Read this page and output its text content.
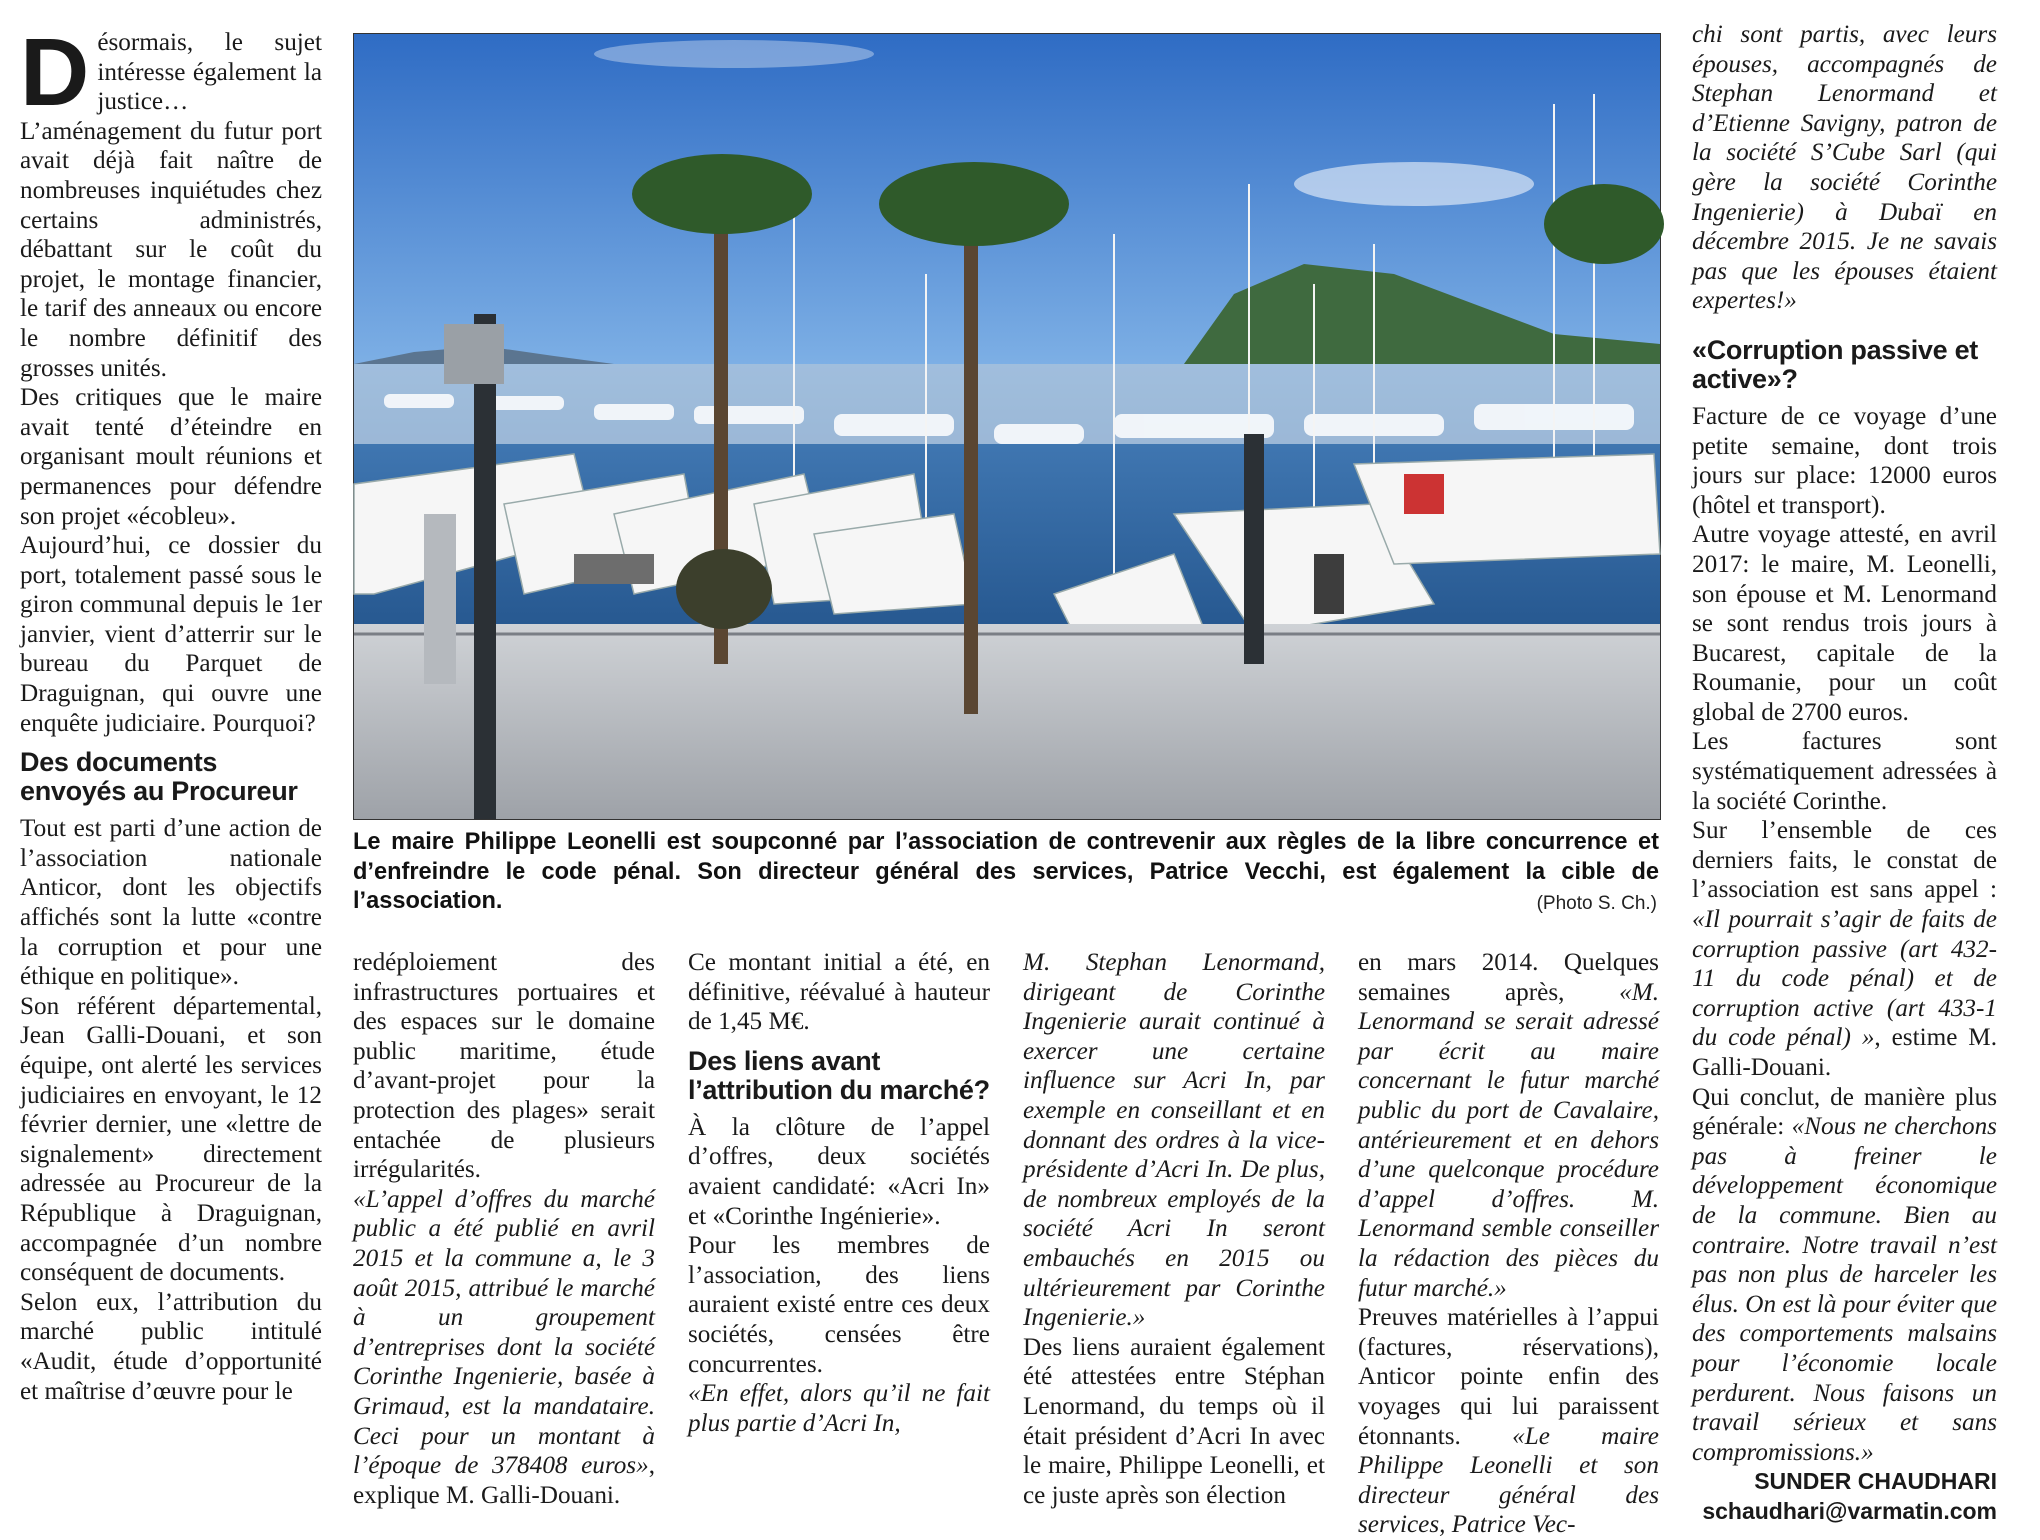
Désormais, le sujet intéresse également la justice… L’aménagement du futur port avait déjà fait naître de nombreuses inquiétudes chez certains administrés, débattant sur le coût du projet, le montage financier, le tarif des anneaux ou encore le nombre définitif des grosses unités.

Des critiques que le maire avait tenté d’éteindre en organisant moult réunions et permanences pour défendre son projet «écobleu».

Aujourd’hui, ce dossier du port, totalement passé sous le giron communal depuis le 1er janvier, vient d’atterrir sur le bureau du Parquet de Draguignan, qui ouvre une enquête judiciaire. Pourquoi?

Des documents envoyés au Procureur

Tout est parti d’une action de l’association nationale Anticor, dont les objectifs affichés sont la lutte «contre la corruption et pour une éthique en politique».

Son référent départemental, Jean Galli-Douani, et son équipe, ont alerté les services judiciaires en envoyant, le 12 février dernier, une «lettre de signalement» directement adressée au Procureur de la République à Draguignan, accompagnée d’un nombre conséquent de documents.

Selon eux, l’attribution du marché public intitulé «Audit, étude d’opportunité et maîtrise d’œuvre pour le

Le maire Philippe Leonelli est soupconné par l’association de contrevenir aux règles de la libre concurrence et d’enfreindre le code pénal. Son directeur général des services, Patrice Vecchi, est également la cible de l’association.	(Photo S. Ch.)

redéploiement des infrastructures portuaires et des espaces sur le domaine public maritime, étude d’avant-projet pour la protection des plages» serait entachée de plusieurs irrégularités.

«L’appel d’offres du marché public a été publié en avril 2015 et la commune a, le 3 août 2015, attribué le marché à un groupement d’entreprises dont la société Corinthe Ingenierie, basée à Grimaud, est la mandataire. Ceci pour un montant à l’époque de 378408 euros», explique M. Galli-Douani.

Ce montant initial a été, en définitive, réévalué à hauteur de 1,45 M€.

Des liens avant l’attribution du marché?

À la clôture de l’appel d’offres, deux sociétés avaient candidaté: «Acri In» et «Corinthe Ingénierie».

Pour les membres de l’association, des liens auraient existé entre ces deux sociétés, censées être concurrentes.

«En effet, alors qu’il ne fait plus partie d’Acri In,

M. Stephan Lenormand, dirigeant de Corinthe Ingenierie aurait continué à exercer une certaine influence sur Acri In, par exemple en conseillant et en donnant des ordres à la vice-présidente d’Acri In. De plus, de nombreux employés de la société Acri In seront embauchés en 2015 ou ultérieurement par Corinthe Ingenierie.»

Des liens auraient également été attestées entre Stéphan Lenormand, du temps où il était président d’Acri In avec le maire, Philippe Leonelli, et ce juste après son élection

en mars 2014. Quelques semaines après, «M. Lenormand se serait adressé par écrit au maire concernant le futur marché public du port de Cavalaire, antérieurement et en dehors d’une quelconque procédure d’appel d’offres. M. Lenormand semble conseiller la rédaction des pièces du futur marché.»

Preuves matérielles à l’appui (factures, réservations), Anticor pointe enfin des voyages qui lui paraissent étonnants. «Le maire Philippe Leonelli et son directeur général des services, Patrice Vec-

chi sont partis, avec leurs épouses, accompagnés de Stephan Lenormand et d’Etienne Savigny, patron de la société S’Cube Sarl (qui gère la société Corinthe Ingenierie) à Dubaï en décembre 2015. Je ne savais pas que les épouses étaient expertes!»

«Corruption passive et active»?

Facture de ce voyage d’une petite semaine, dont trois jours sur place: 12000 euros (hôtel et transport).

Autre voyage attesté, en avril 2017: le maire, M. Leonelli, son épouse et M. Lenormand se sont rendus trois jours à Bucarest, capitale de la Roumanie, pour un coût global de 2700 euros.

Les factures sont systématiquement adressées à la société Corinthe.

Sur l’ensemble de ces derniers faits, le constat de l’association est sans appel : «Il pourrait s’agir de faits de corruption passive (art 432-11 du code pénal) et de corruption active (art 433-1 du code pénal) », estime M. Galli-Douani.

Qui conclut, de manière plus générale: «Nous ne cherchons pas à freiner le développement économique de la commune. Bien au contraire. Notre travail n’est pas non plus de harceler les élus. On est là pour éviter que des comportements malsains pour l’économie locale perdurent. Nous faisons un travail sérieux et sans compromissions.»

SUNDER CHAUDHARI
schaudhari@varmatin.com
